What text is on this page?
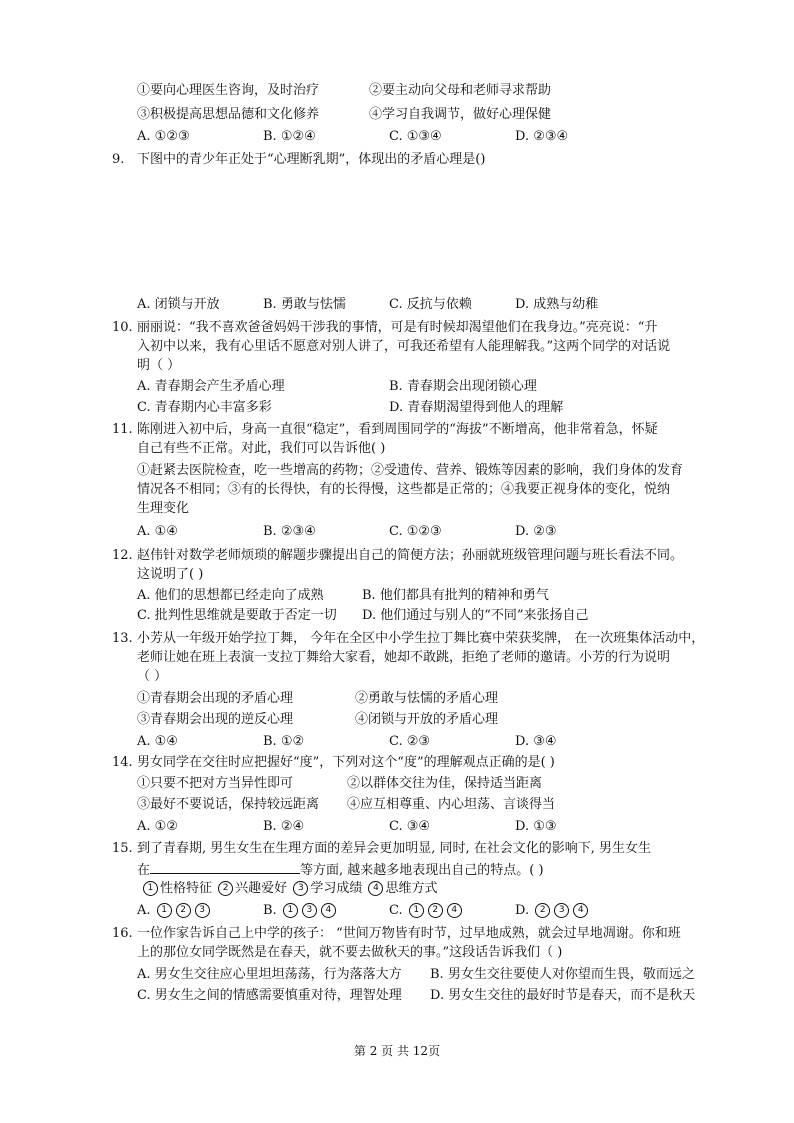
①要向心理医生咨询，及时治疗	②要主动向父母和老师寻求帮助
③积极提高思想品德和文化修养	④学习自我调节，做好心理保健
A. ①②③	B. ①②④	C. ①③④	D. ②③④
9. 下图中的青少年正处于“心理断乳期”，体现出的矛盾心理是()
A. 闭锁与开放	B. 勇敢与怯懦	C. 反抗与依赖	D. 成熟与幼稚
10. 丽丽说：“我不喜欢爸爸妈妈干涉我的事情，可是有时候却渴望他们在我身边。”亮亮说：“升
入初中以来，我有心里话不愿意对别人讲了，可我还希望有人能理解我。”这两个同学的对话说
明（ ）
A. 青春期会产生矛盾心理	B. 青春期会出现闭锁心理
C. 青春期内心丰富多彩	D. 青春期渴望得到他人的理解
11. 陈刚进入初中后，身高一直很“稳定”，看到周围同学的“海拔”不断增高，他非常着急，怀疑
自己有些不正常。对此，我们可以告诉他( )
①赶紧去医院检查，吃一些增高的药物；②受遗传、营养、锻炼等因素的影响，我们身体的发育
情况各不相同；③有的长得快，有的长得慢，这些都是正常的；④我要正视身体的变化，悦纳
生理变化
A. ①④	B. ②③④	C. ①②③	D. ②③
12. 赵伟针对数学老师烦琐的解题步骤提出自己的简便方法；孙丽就班级管理问题与班长看法不同。
这说明了( )
A. 他们的思想都已经走向了成熟	B. 他们都具有批判的精神和勇气
C. 批判性思维就是要敢于否定一切 D. 他们通过与别人的“不同”来张扬自己
13. 小芳从一年级开始学拉丁舞， 今年在全区中小学生拉丁舞比赛中荣获奖牌， 在一次班集体活动中，
老师让她在班上表演一支拉丁舞给大家看，她却不敢跳，拒绝了老师的邀请。小芳的行为说明
（ ）
①青春期会出现的矛盾心理	②勇敢与怯懦的矛盾心理
③青春期会出现的逆反心理	④闭锁与开放的矛盾心理
A. ①④	B. ①②	C. ②③	D. ③④
14. 男女同学在交往时应把握好“度”，下列对这个“度”的理解观点正确的是( )
①只要不把对方当异性即可	②以群体交往为佳，保持适当距离
③最好不要说话，保持较远距离 ④应互相尊重、内心坦荡、言谈得当
A. ①②	B. ②④	C. ③④	D. ①③
15. 到了青春期, 男生女生在生理方面的差异会更加明显, 同时, 在社会文化的影响下, 男生女生
在	等方面, 越来越多地表现出自己的特点。( )
1 性格特征 2 兴趣爱好 3 学习成绩 4 思维方式
A. 1 2 3	B. 1 3 4	C. 1 2 4	D. 2 3 4
16. 一位作家告诉自己上中学的孩子： “世间万物皆有时节，过早地成熟，就会过早地凋谢。你和班
上的那位女同学既然是在春天，就不要去做秋天的事。”这段话告诉我们（ )
A. 男女生交往应心里坦坦荡荡，行为落落大方 B. 男女生交往要使人对你望而生畏，敬而远之
C. 男女生之间的情感需要慎重对待，理智处理 D. 男女生交往的最好时节是春天，而不是秋天
第 2 页 共 12页
